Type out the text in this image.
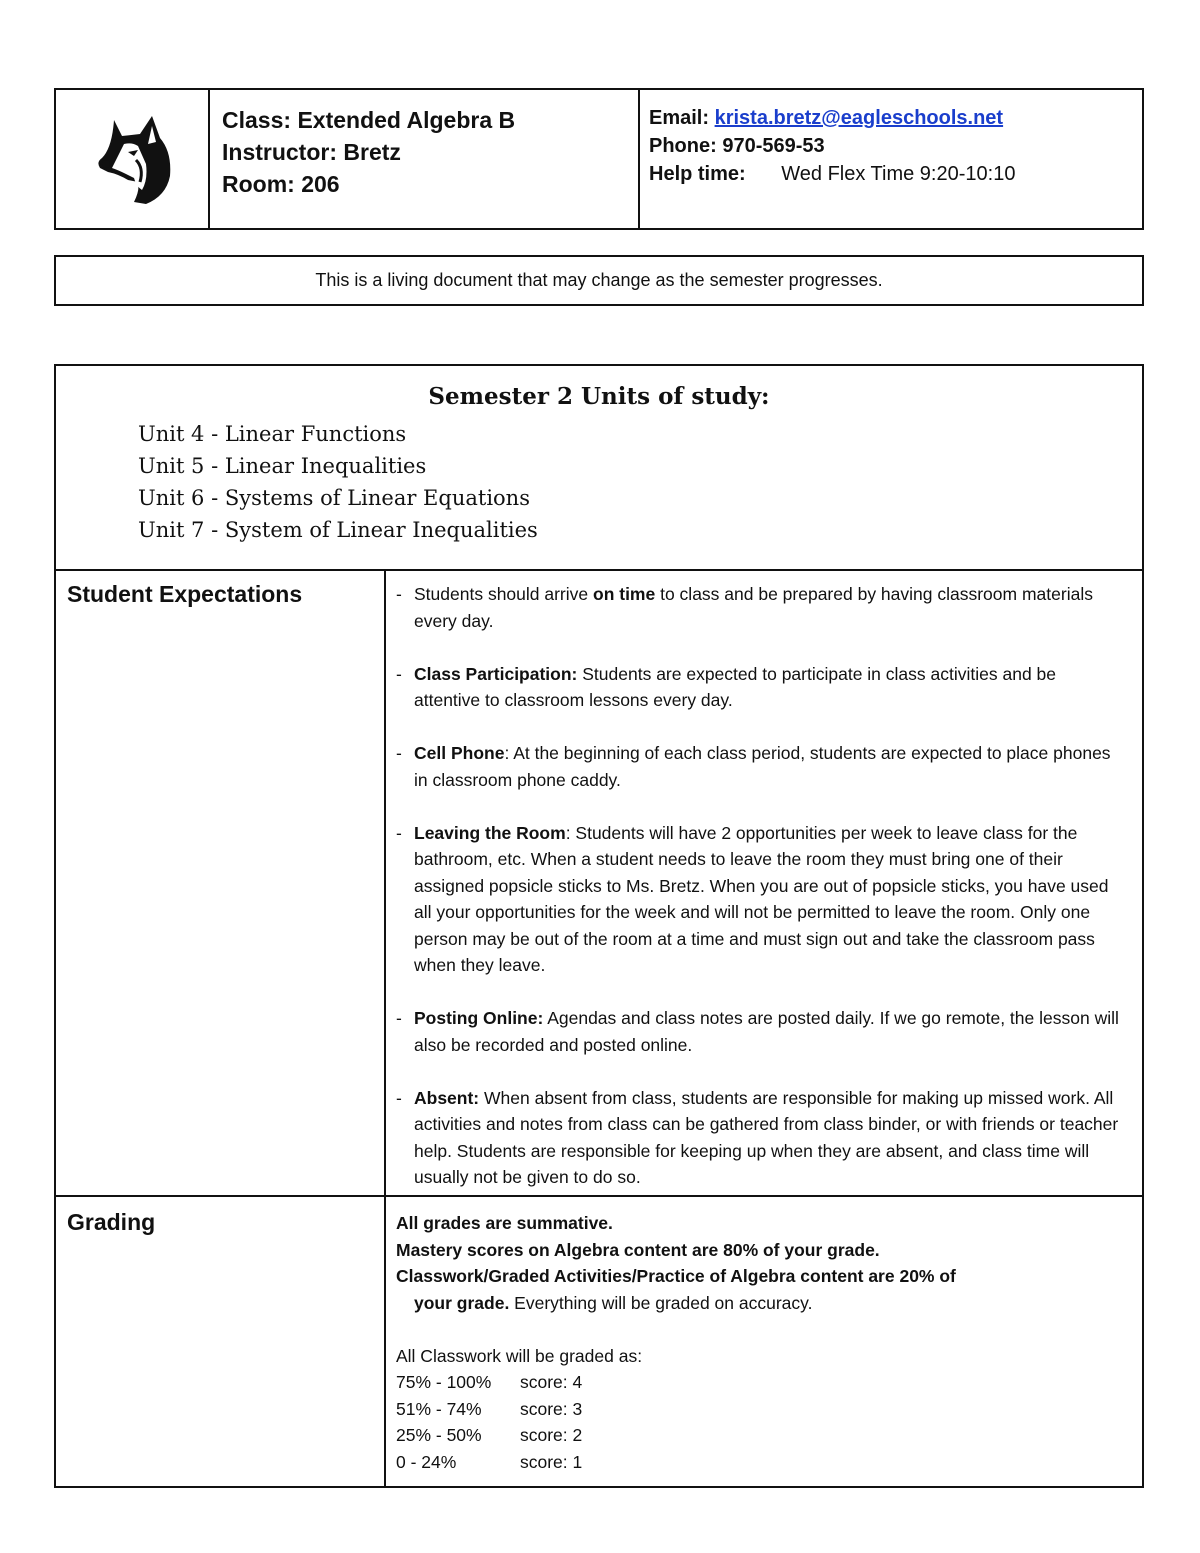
Class: Extended Algebra B
Instructor: Bretz
Room: 206
Email: krista.bretz@eagleschools.net
Phone: 970-569-53
Help time: Wed Flex Time 9:20-10:10
This is a living document that may change as the semester progresses.
Semester 2 Units of study:
Unit 4 - Linear Functions
Unit 5 - Linear Inequalities
Unit 6 - Systems of Linear Equations
Unit 7 - System of Linear Inequalities
Student Expectations	- Students should arrive on time to class and be prepared by having classroom materials every day.
- Class Participation: Students are expected to participate in class activities and be attentive to classroom lessons every day.
- Cell Phone: At the beginning of each class period, students are expected to place phones in classroom phone caddy.
- Leaving the Room: Students will have 2 opportunities per week to leave class for the bathroom, etc. When a student needs to leave the room they must bring one of their assigned popsicle sticks to Ms. Bretz. When you are out of popsicle sticks, you have used all your opportunities for the week and will not be permitted to leave the room. Only one person may be out of the room at a time and must sign out and take the classroom pass when they leave.
- Posting Online: Agendas and class notes are posted daily. If we go remote, the lesson will also be recorded and posted online.
- Absent: When absent from class, students are responsible for making up missed work. All activities and notes from class can be gathered from class binder, or with friends or teacher help. Students are responsible for keeping up when they are absent, and class time will usually not be given to do so.
Grading	All grades are summative.
Mastery scores on Algebra content are 80% of your grade.
Classwork/Graded Activities/Practice of Algebra content are 20% of
your grade. Everything will be graded on accuracy.
All Classwork will be graded as:
75% - 100%	score: 4
51% - 74%	score: 3
25% - 50%	score: 2
0 - 24%	score: 1
